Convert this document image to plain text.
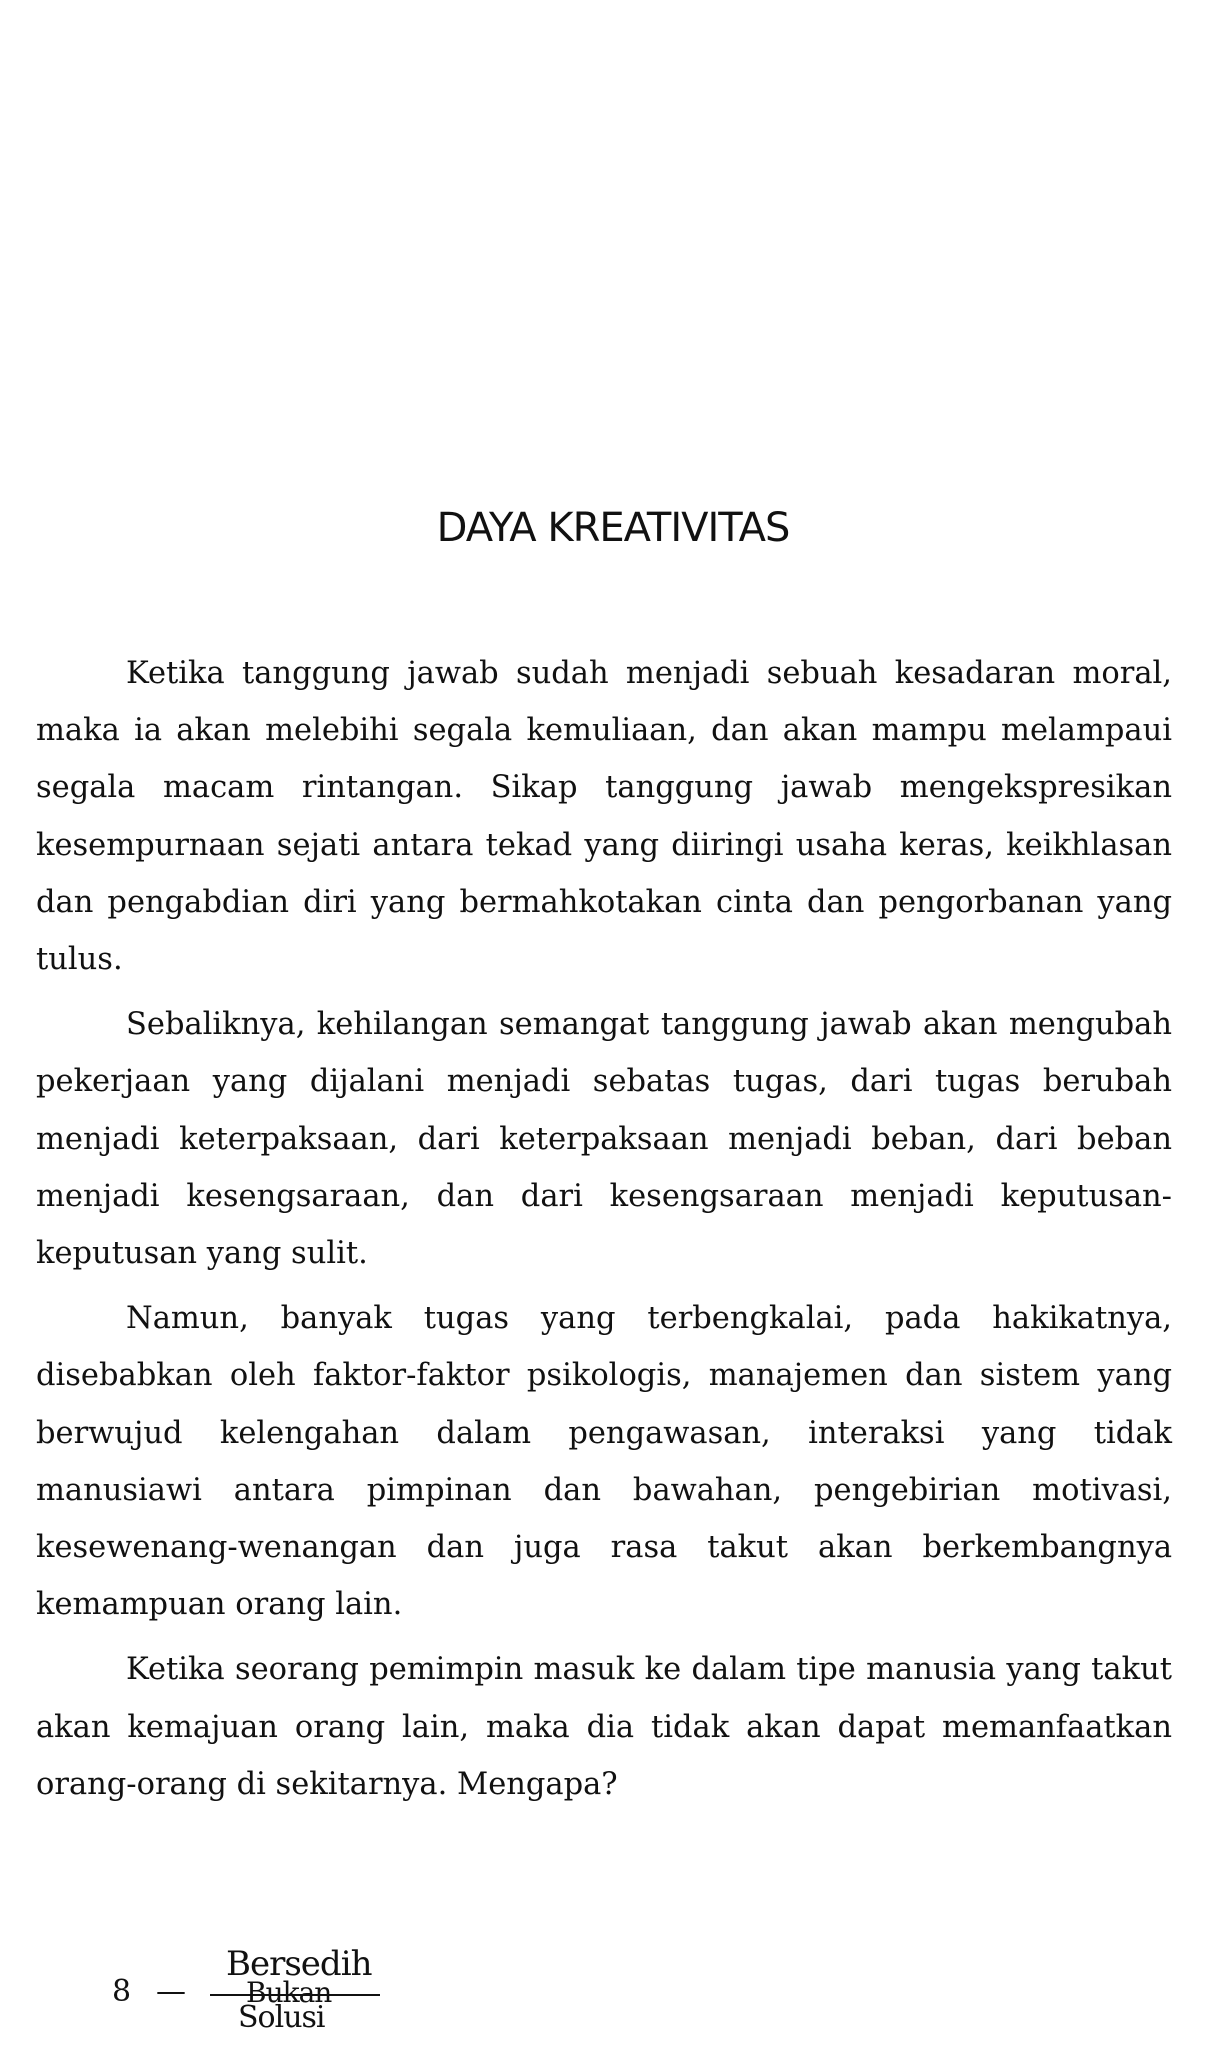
DAYA KREATIVITAS

Ketika tanggung jawab sudah menjadi sebuah kesadaran moral, maka ia akan melebihi segala kemuliaan, dan akan mampu melampaui segala macam rintangan. Sikap tanggung jawab mengekspresikan kesempurnaan sejati antara tekad yang diiringi usaha keras, keikhlasan dan pengabdian diri yang bermahkotakan cinta dan pengorbanan yang tulus.

Sebaliknya, kehilangan semangat tanggung jawab akan mengubah pekerjaan yang dijalani menjadi sebatas tugas, dari tugas berubah menjadi keterpaksaan, dari keterpaksaan menjadi beban, dari beban menjadi kesengsaraan, dan dari kesengsaraan menjadi keputusan-keputusan yang sulit.

Namun, banyak tugas yang terbengkalai, pada hakikatnya, disebabkan oleh faktor-faktor psikologis, manajemen dan sistem yang berwujud kelengahan dalam pengawasan, interaksi yang tidak manusiawi antara pimpinan dan bawahan, pengebirian motivasi, kesewenang-wenangan dan juga rasa takut akan berkembangnya kemampuan orang lain.

Ketika seorang pemimpin masuk ke dalam tipe manusia yang takut akan kemajuan orang lain, maka dia tidak akan dapat memanfaatkan orang-orang di sekitarnya. Mengapa?

8 —
Bersedih
Bukan
Solusi
